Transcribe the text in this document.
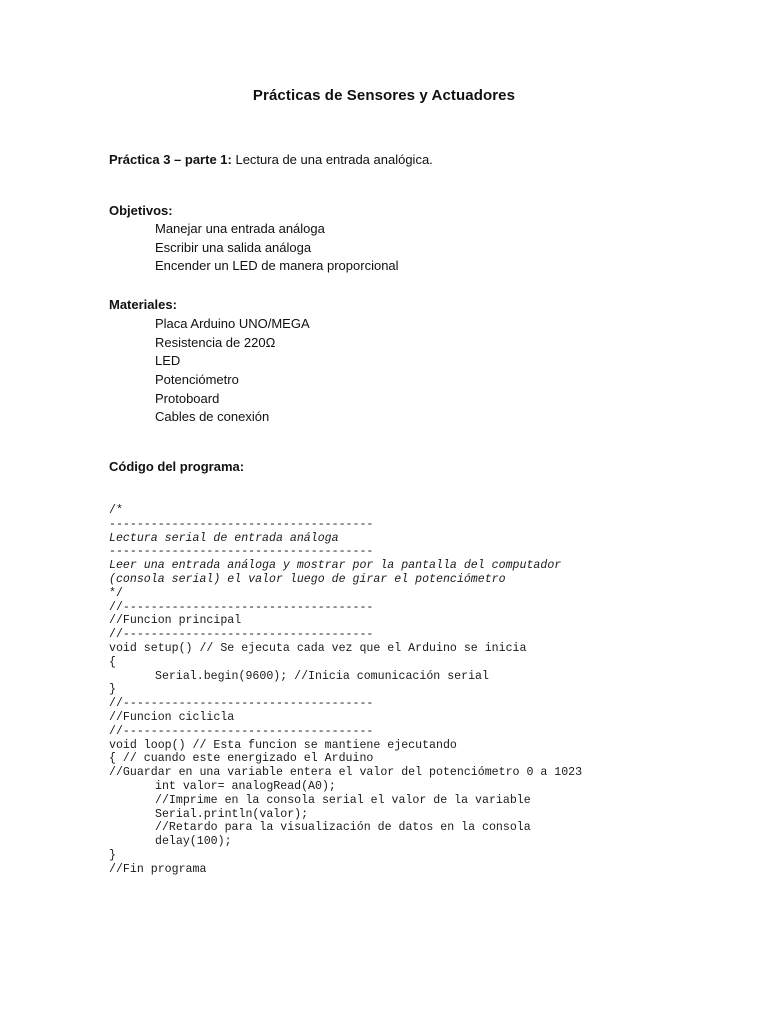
Prácticas de Sensores y Actuadores
Práctica 3 – parte 1: Lectura de una entrada analógica.
Objetivos:
Manejar una entrada análoga
Escribir una salida análoga
Encender un LED de manera proporcional
Materiales:
Placa Arduino UNO/MEGA
Resistencia de 220Ω
LED
Potenciómetro
Protoboard
Cables de conexión
Código del programa:
/*
--------------------------------------
Lectura serial de entrada análoga
--------------------------------------
Leer una entrada análoga y mostrar por la pantalla del computador
(consola serial) el valor luego de girar el potenciómetro
*/
//------------------------------------
//Funcion principal
//------------------------------------
void setup() // Se ejecuta cada vez que el Arduino se inicia
{
Serial.begin(9600); //Inicia comunicación serial
}
//------------------------------------
//Funcion ciclicla
//------------------------------------
void loop() // Esta funcion se mantiene ejecutando
{ // cuando este energizado el Arduino
//Guardar en una variable entera el valor del potenciómetro 0 a 1023
int valor= analogRead(A0);
//Imprime en la consola serial el valor de la variable
Serial.println(valor);
//Retardo para la visualización de datos en la consola
delay(100);
}
//Fin programa
